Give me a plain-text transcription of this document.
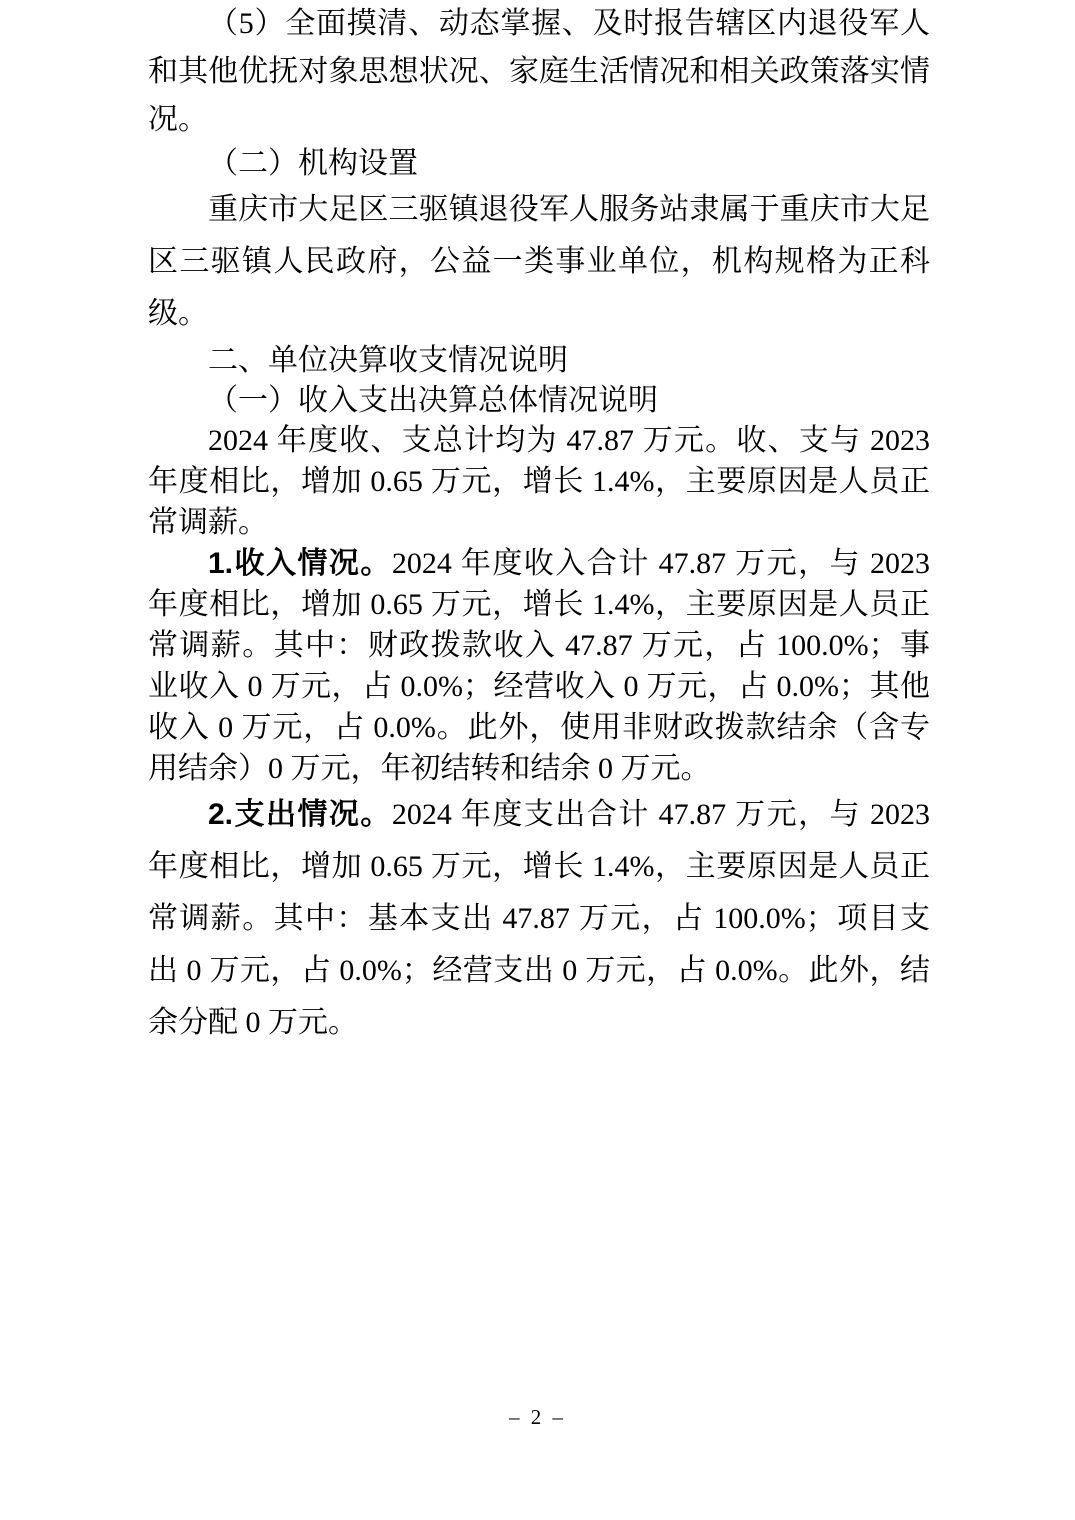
（5）全面摸清、动态掌握、及时报告辖区内退役军人和其他优抚对象思想状况、家庭生活情况和相关政策落实情况。

（二）机构设置

重庆市大足区三驱镇退役军人服务站隶属于重庆市大足区三驱镇人民政府，公益一类事业单位，机构规格为正科级。

二、单位决算收支情况说明
（一）收入支出决算总体情况说明

2024 年度收、支总计均为 47.87 万元。收、支与 2023 年度相比，增加 0.65 万元，增长 1.4%，主要原因是人员正常调薪。

1.收入情况。2024 年度收入合计 47.87 万元，与 2023 年度相比，增加 0.65 万元，增长 1.4%，主要原因是人员正常调薪。其中：财政拨款收入 47.87 万元，占 100.0%；事业收入 0 万元，占 0.0%；经营收入 0 万元，占 0.0%；其他收入 0 万元，占 0.0%。此外，使用非财政拨款结余（含专用结余）0 万元，年初结转和结余 0 万元。

2.支出情况。2024 年度支出合计 47.87 万元，与 2023 年度相比，增加 0.65 万元，增长 1.4%，主要原因是人员正常调薪。其中：基本支出 47.87 万元，占 100.0%；项目支出 0 万元，占 0.0%；经营支出 0 万元，占 0.0%。此外，结余分配 0 万元。

– 2 –
